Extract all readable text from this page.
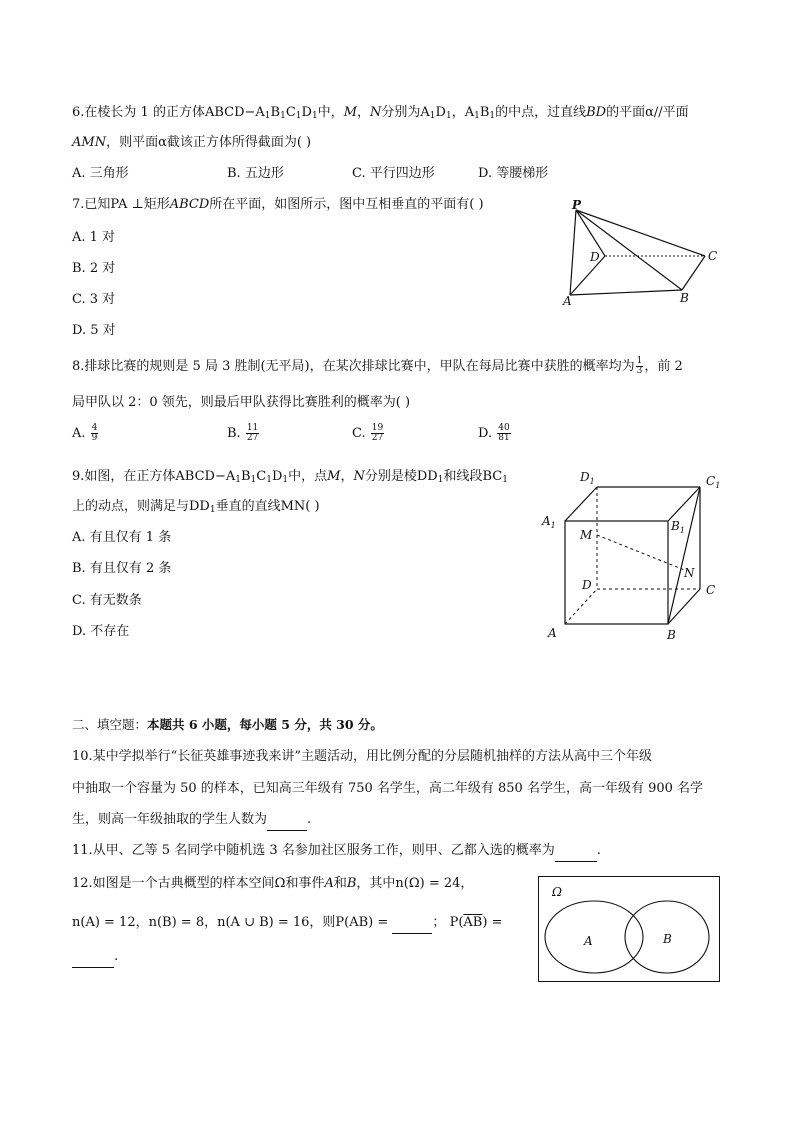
6.在棱长为 1 的正方体$ABCD-A_1B_1C_1D_1$中，M，N分别为$A_1D_1$，$A_1B_1$的中点，过直线BD的平面α//平面
AMN，则平面α截该正方体所得截面为( )
A. 三角形	B. 五边形	C. 平行四边形	D. 等腰梯形
7.已知PA ⊥矩形ABCD所在平面，如图所示，图中互相垂直的平面有( )
A. 1 对
B. 2 对
C. 3 对
D. 5 对
P
D	C
A	B
8.排球比赛的规则是 5 局 3 胜制(无平局)，在某次排球比赛中，甲队在每局比赛中获胜的概率均为 $\frac{1}{3}$ ，前 2
局甲队以 2：0 领先，则最后甲队获得比赛胜利的概率为( )
A. $\frac{4}{9}$	B. $\frac{11}{27}$	C. $\frac{19}{27}$	D. $\frac{40}{81}$
9.如图，在正方体$ABCD-A_1B_1C_1D_1$中，点M，N分别是棱$DD_1$和线段$BC_1$
上的动点，则满足与$DD_1$垂直的直线MN( )
A. 有且仅有 1 条
B. 有且仅有 2 条
C. 有无数条
D. 不存在
$D_1$	$C_1$
$A_1$	$B_1$
M
N
D	C
A	B
二、填空题：本题共 6 小题，每小题 5 分，共 30 分。
10.某中学拟举行“长征英雄事迹我来讲”主题活动，用比例分配的分层随机抽样的方法从高中三个年级
中抽取一个容量为 50 的样本，已知高三年级有 750 名学生，高二年级有 850 名学生，高一年级有 900 名学
生，则高一年级抽取的学生人数为	.
11.从甲、乙等 5 名同学中随机选 3 名参加社区服务工作，则甲、乙都入选的概率为	.
12.如图是一个古典概型的样本空间Ω和事件A和B，其中n(Ω) = 24，
n(A) = 12，n(B) = 8，n(A ∪ B) = 16，则P(AB) =	； $P(\overline{A}\overline{B})$ =
.
Ω
A	B
